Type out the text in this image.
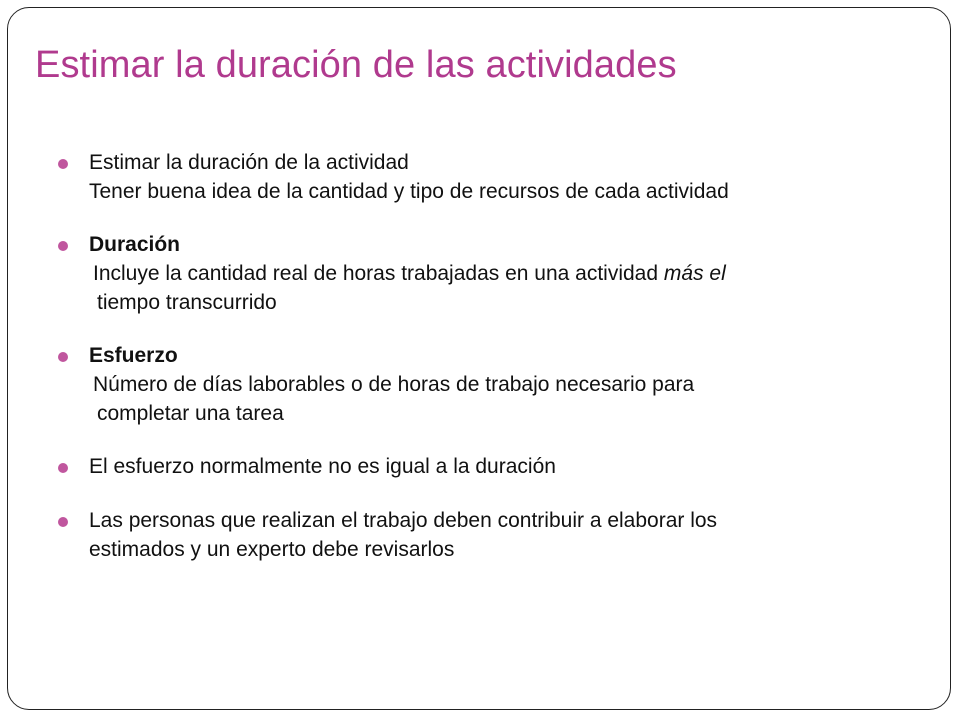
Estimar la duración de las actividades
Estimar la duración de la actividad
Tener buena idea de la cantidad y tipo de recursos de cada actividad
Duración
Incluye la cantidad real de horas trabajadas en una actividad más el
tiempo transcurrido
Esfuerzo
Número de días laborables o de horas de trabajo necesario para
completar una tarea
El esfuerzo normalmente no es igual a la duración
Las personas que realizan el trabajo deben contribuir a elaborar los
estimados y un experto debe revisarlos
